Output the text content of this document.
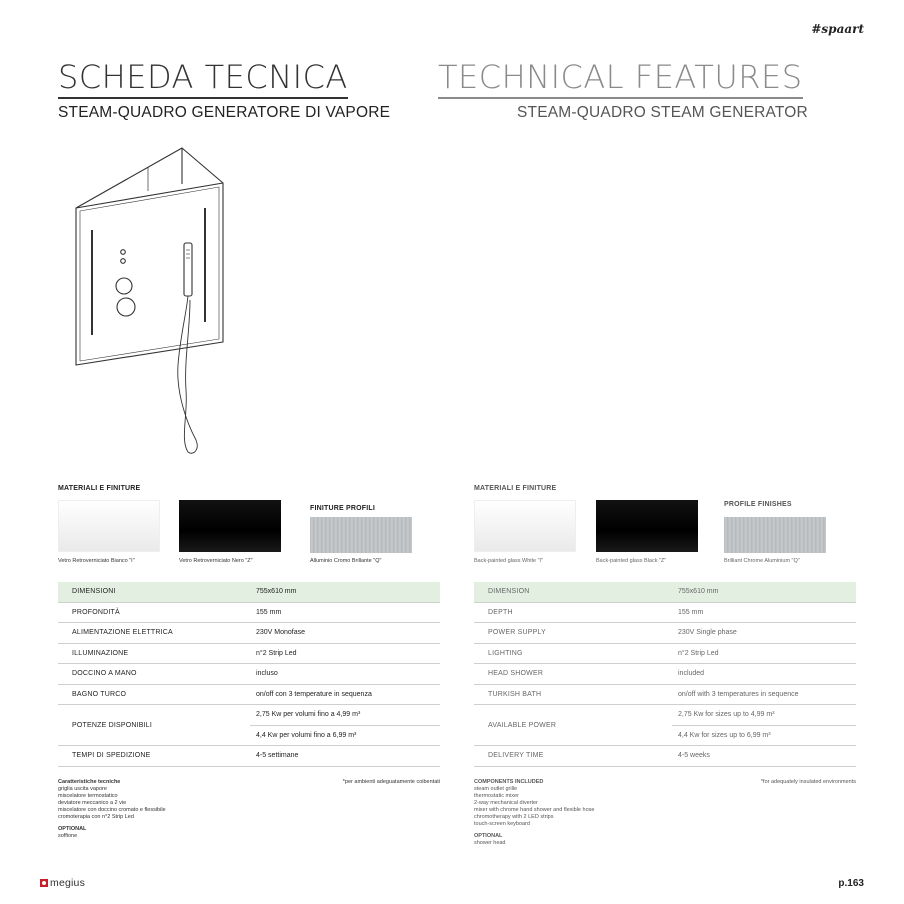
#spaart
SCHEDA TECNICA	TECHNICAL FEATURES
STEAM-QUADRO GENERATORE DI VAPORE	STEAM-QUADRO STEAM GENERATOR
MATERIALI E FINITURE
FINITURE PROFILI
Vetro Retroverniciato Bianco "I"	Vetro Retroverniciato Nero "Z"	Alluminio Cromo Brillante "Q"
MATERIALI E FINITURE
PROFILE FINISHES
Back-painted glass White "I"	Back-painted glass Black "Z"	Brilliant Chrome Aluminium "Q"
DIMENSIONI	755x610 mm
PROFONDITÀ	155 mm
ALIMENTAZIONE ELETTRICA	230V Monofase
ILLUMINAZIONE	n°2 Strip Led
DOCCINO A MANO	incluso
BAGNO TURCO	on/off con 3 temperature in sequenza
POTENZE DISPONIBILI	2,75 Kw per volumi fino a 4,99 m³
	4,4 Kw per volumi fino a 6,99 m³
TEMPI DI SPEDIZIONE	4-5 settimane
DIMENSION	755x610 mm
DEPTH	155 mm
POWER SUPPLY	230V Single phase
LIGHTING	n°2 Strip Led
HEAD SHOWER	included
TURKISH BATH	on/off with 3 temperatures in sequence
AVAILABLE POWER	2,75 Kw for sizes up to 4,99 m³
	4,4 Kw for sizes up to 6,99 m³
DELIVERY TIME	4-5 weeks
*per ambienti adeguatamente coibentati	*for adequately insulated environments
Caratteristiche tecniche
griglia uscita vapore
miscelatore termostatico
deviatore meccanico a 2 vie
miscelatore con doccino cromato e flessibile
cromoterapia con n°2 Strip Led
OPTIONAL
soffione
COMPONENTS INCLUDED
steam outlet grille
thermostatic mixer
2-way mechanical diverter
mixer with chrome hand shower and flexible hose
chromotherapy with 2 LED strips
touch-screen keyboard
OPTIONAL
shower head
megius	p.163
